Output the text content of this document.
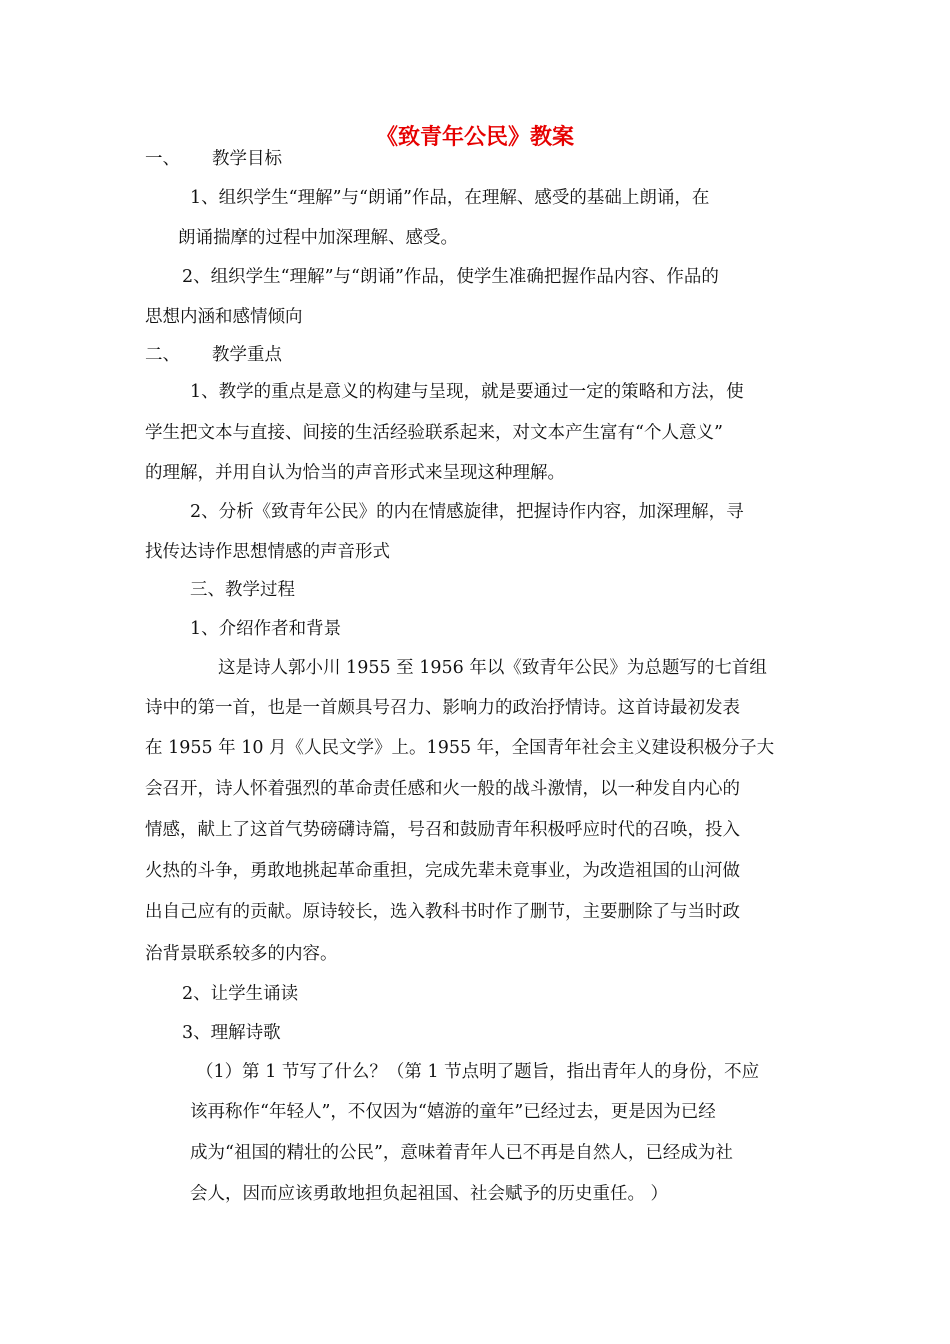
《致青年公民》教案
一、 教学目标
1、组织学生“理解”与“朗诵”作品，在理解、感受的基础上朗诵，在
朗诵揣摩的过程中加深理解、感受。
2、组织学生“理解”与“朗诵”作品，使学生准确把握作品内容、作品的
思想内涵和感情倾向
二、 教学重点
1、教学的重点是意义的构建与呈现，就是要通过一定的策略和方法，使
学生把文本与直接、间接的生活经验联系起来，对文本产生富有“个人意义”
的理解，并用自认为恰当的声音形式来呈现这种理解。
2、分析《致青年公民》的内在情感旋律，把握诗作内容，加深理解，寻
找传达诗作思想情感的声音形式
三、教学过程
1、介绍作者和背景
这是诗人郭小川 1955 至 1956 年以《致青年公民》为总题写的七首组
诗中的第一首，也是一首颇具号召力、影响力的政治抒情诗。这首诗最初发表
在 1955 年 10 月《人民文学》上。1955 年，全国青年社会主义建设积极分子大
会召开，诗人怀着强烈的革命责任感和火一般的战斗激情，以一种发自内心的
情感，献上了这首气势磅礴诗篇，号召和鼓励青年积极呼应时代的召唤，投入
火热的斗争，勇敢地挑起革命重担，完成先辈未竟事业，为改造祖国的山河做
出自己应有的贡献。原诗较长，选入教科书时作了删节，主要删除了与当时政
治背景联系较多的内容。
2、让学生诵读
3、理解诗歌
（1）第 1 节写了什么？（第 1 节点明了题旨，指出青年人的身份，不应
该再称作“年轻人”，不仅因为“嬉游的童年”已经过去，更是因为已经
成为“祖国的精壮的公民”，意味着青年人已不再是自然人，已经成为社
会人，因而应该勇敢地担负起祖国、社会赋予的历史重任。 ）
